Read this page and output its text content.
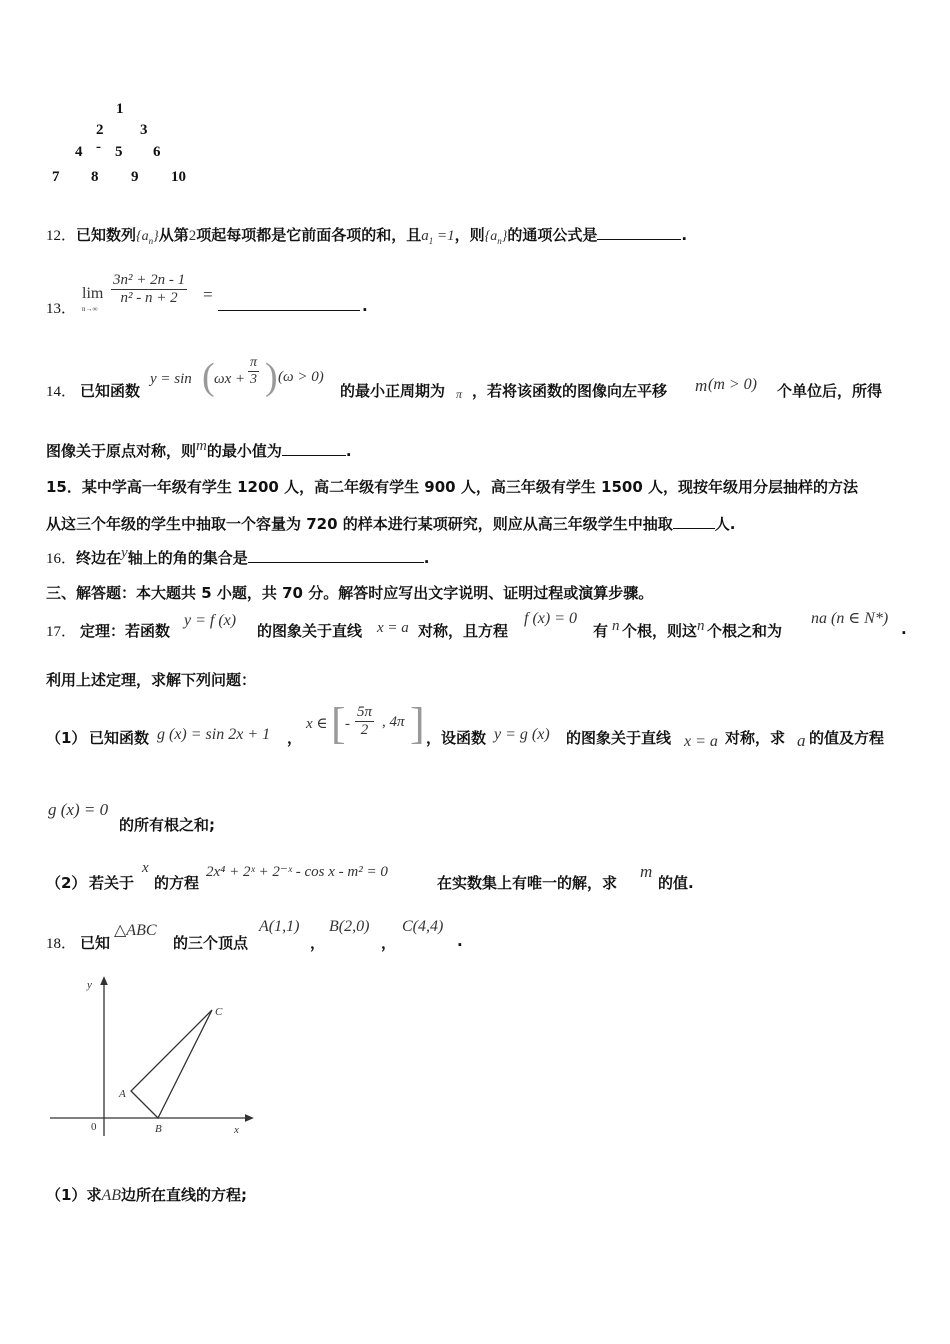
1
2 3
4 - 5 6
7 8 9 10
12．已知数列$\{a_n\}$从第2项起每项都是它前面各项的和，且$a_1 =1$，则$\{a_n\}$的通项公式是	.
13．
lim
n→∞
$\frac{\text{3n² + 2n - 1}}{\text{n² - n + 2}}$ =
.
14． 已知函数
y = sin ( $\omega x + \frac{\pi}{3}$ ) (ω > 0)
的最小正周期为 π ，若将该函数的图像向左平移 m (m > 0) 个单位后，所得
图像关于原点对称，则m的最小值为	.
15．某中学高一年级有学生 1200 人，高二年级有学生 900 人，高三年级有学生 1500 人，现按年级用分层抽样的方法
从这三个年级的学生中抽取一个容量为 720 的样本进行某项研究，则应从高三年级学生中抽取	人.
16．终边在y轴上的角的集合是	.
三、解答题：本大题共 5 小题，共 70 分。解答时应写出文字说明、证明过程或演算步骤。
17． 定理：若函数
y = f (x)
的图象关于直线 x = a 对称，且方程
f (x) = 0
有 n 个根，则这 n 个根之和为
na (n ∈ N*)
.
利用上述定理，求解下列问题：
（1） 已知函数 g (x) = sin 2x + 1 ，
x ∈ [ - $\frac{5\pi}{2}$ , 4π ] ，设函数 y = g (x) 的图象关于直线 x = a 对称，求 a 的值及方程
g (x) = 0
的所有根之和;
（2） 若关于
x
的方程
2x⁴ + 2ˣ + 2⁻ˣ - cos x - m² = 0
在实数集上有唯一的解，求
m
的值.
18． 已知
△ABC
的三个顶点
A(1,1)
，
B(2,0)
，
C(4,4)
.
y
x
0
A
B
C
（1）求AB边所在直线的方程;
